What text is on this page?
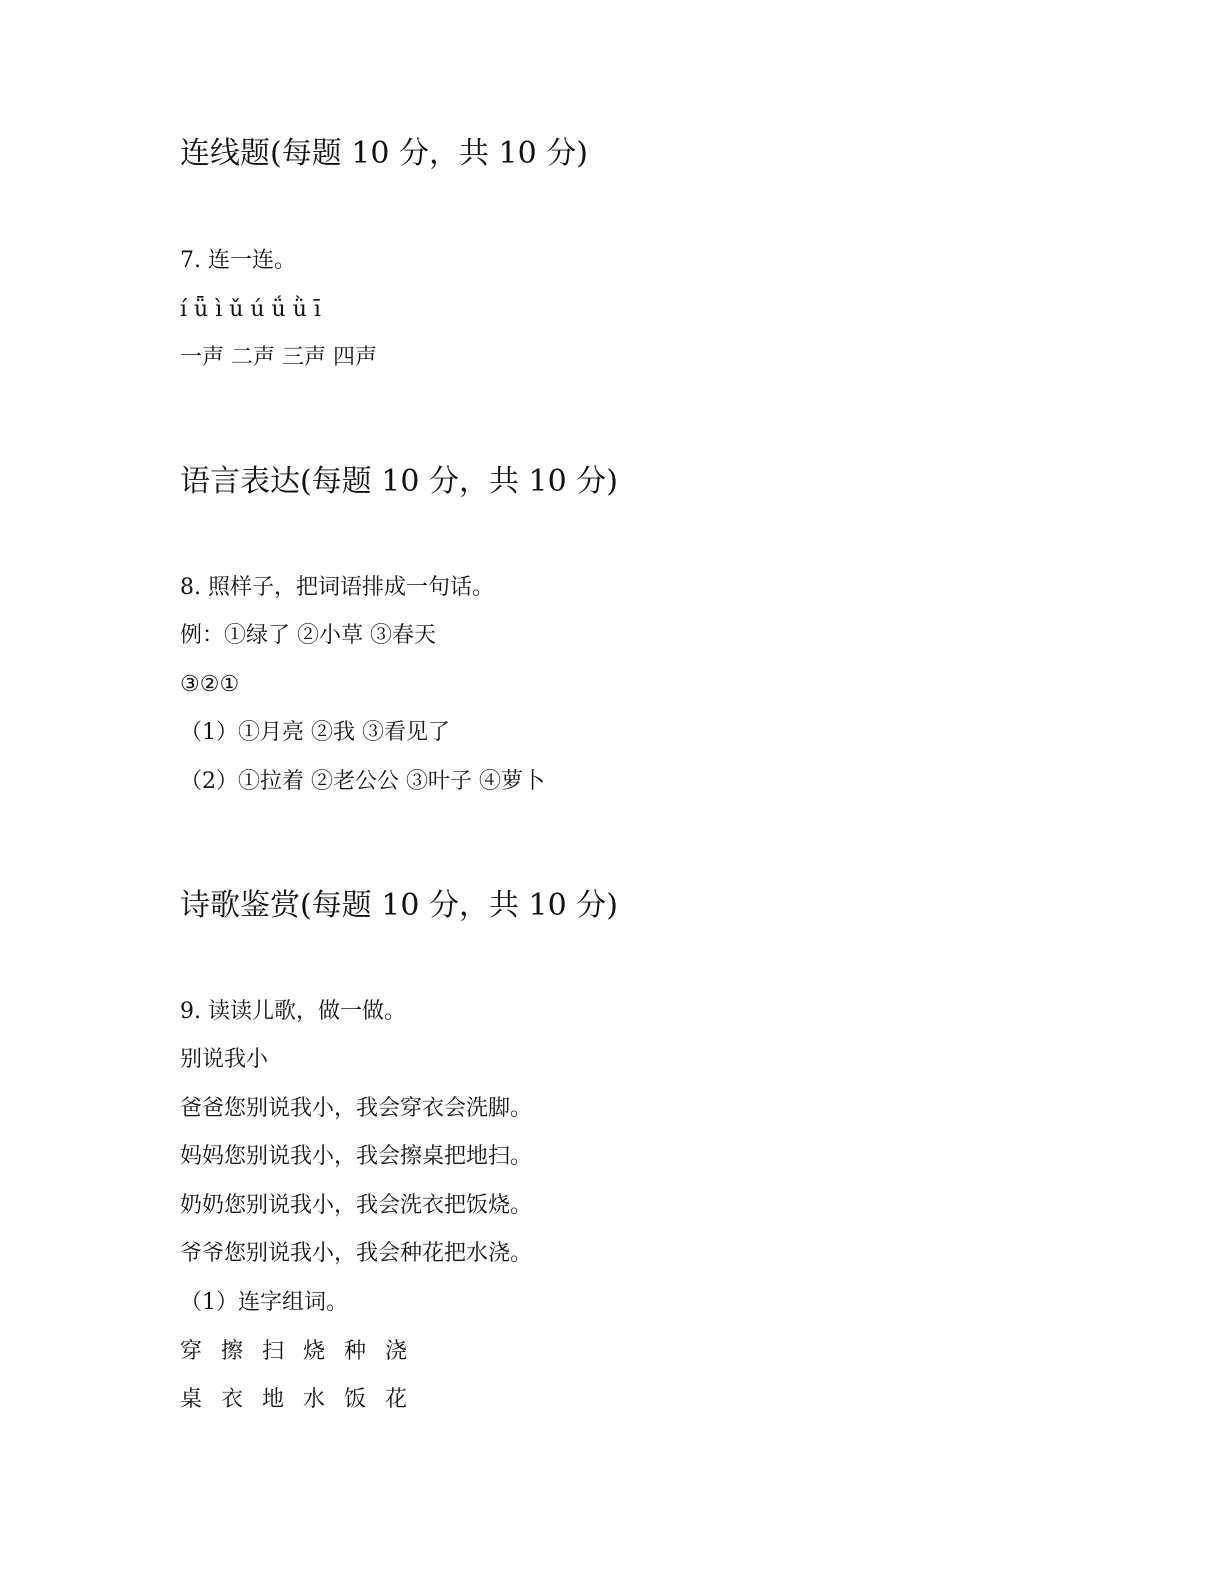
连线题(每题 10 分，共 10 分)

7. 连一连。

í ǖ ì ǔ ú ǘ ǜ ī

一声 二声 三声 四声

语言表达(每题 10 分，共 10 分)

8. 照样子，把词语排成一句话。

例：①绿了 ②小草 ③春天

③②①

（1）①月亮 ②我 ③看见了

（2）①拉着 ②老公公 ③叶子 ④萝卜

诗歌鉴赏(每题 10 分，共 10 分)

9. 读读儿歌，做一做。

别说我小

爸爸您别说我小，我会穿衣会洗脚。

妈妈您别说我小，我会擦桌把地扫。

奶奶您别说我小，我会洗衣把饭烧。

爷爷您别说我小，我会种花把水浇。

（1）连字组词。

穿 擦 扫 烧 种 浇

桌 衣 地 水 饭 花
